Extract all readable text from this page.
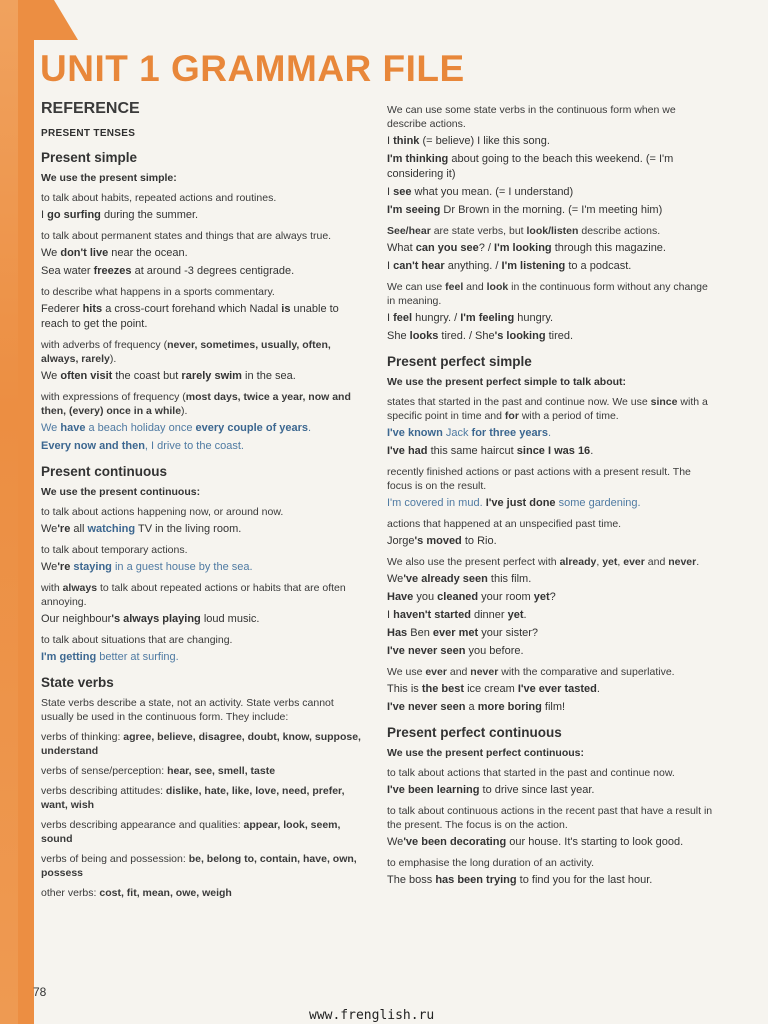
UNIT 1 GRAMMAR FILE
REFERENCE
PRESENT TENSES
Present simple
We use the present simple:
to talk about habits, repeated actions and routines.
I go surfing during the summer.
to talk about permanent states and things that are always true.
We don't live near the ocean.
Sea water freezes at around -3 degrees centigrade.
to describe what happens in a sports commentary.
Federer hits a cross-court forehand which Nadal is unable to reach to get the point.
with adverbs of frequency (never, sometimes, usually, often, always, rarely).
We often visit the coast but rarely swim in the sea.
with expressions of frequency (most days, twice a year, now and then, (every) once in a while).
We have a beach holiday once every couple of years.
Every now and then, I drive to the coast.
Present continuous
We use the present continuous:
to talk about actions happening now, or around now.
We're all watching TV in the living room.
to talk about temporary actions.
We're staying in a guest house by the sea.
with always to talk about repeated actions or habits that are often annoying.
Our neighbour's always playing loud music.
to talk about situations that are changing.
I'm getting better at surfing.
State verbs
State verbs describe a state, not an activity. State verbs cannot usually be used in the continuous form. They include:
verbs of thinking: agree, believe, disagree, doubt, know, suppose, understand
verbs of sense/perception: hear, see, smell, taste
verbs describing attitudes: dislike, hate, like, love, need, prefer, want, wish
verbs describing appearance and qualities: appear, look, seem, sound
verbs of being and possession: be, belong to, contain, have, own, possess
other verbs: cost, fit, mean, owe, weigh
We can use some state verbs in the continuous form when we describe actions.
I think (= believe) I like this song.
I'm thinking about going to the beach this weekend. (= I'm considering it)
I see what you mean. (= I understand)
I'm seeing Dr Brown in the morning. (= I'm meeting him)
See/hear are state verbs, but look/listen describe actions.
What can you see? / I'm looking through this magazine.
I can't hear anything. / I'm listening to a podcast.
We can use feel and look in the continuous form without any change in meaning.
I feel hungry. / I'm feeling hungry.
She looks tired. / She's looking tired.
Present perfect simple
We use the present perfect simple to talk about:
states that started in the past and continue now. We use since with a specific point in time and for with a period of time.
I've known Jack for three years.
I've had this same haircut since I was 16.
recently finished actions or past actions with a present result. The focus is on the result.
I'm covered in mud. I've just done some gardening.
actions that happened at an unspecified past time.
Jorge's moved to Rio.
We also use the present perfect with already, yet, ever and never.
We've already seen this film.
Have you cleaned your room yet?
I haven't started dinner yet.
Has Ben ever met your sister?
I've never seen you before.
We use ever and never with the comparative and superlative.
This is the best ice cream I've ever tasted.
I've never seen a more boring film!
Present perfect continuous
We use the present perfect continuous:
to talk about actions that started in the past and continue now.
I've been learning to drive since last year.
to talk about continuous actions in the recent past that have a result in the present. The focus is on the action.
We've been decorating our house. It's starting to look good.
to emphasise the long duration of an activity.
The boss has been trying to find you for the last hour.
78
www.frenglish.ru
